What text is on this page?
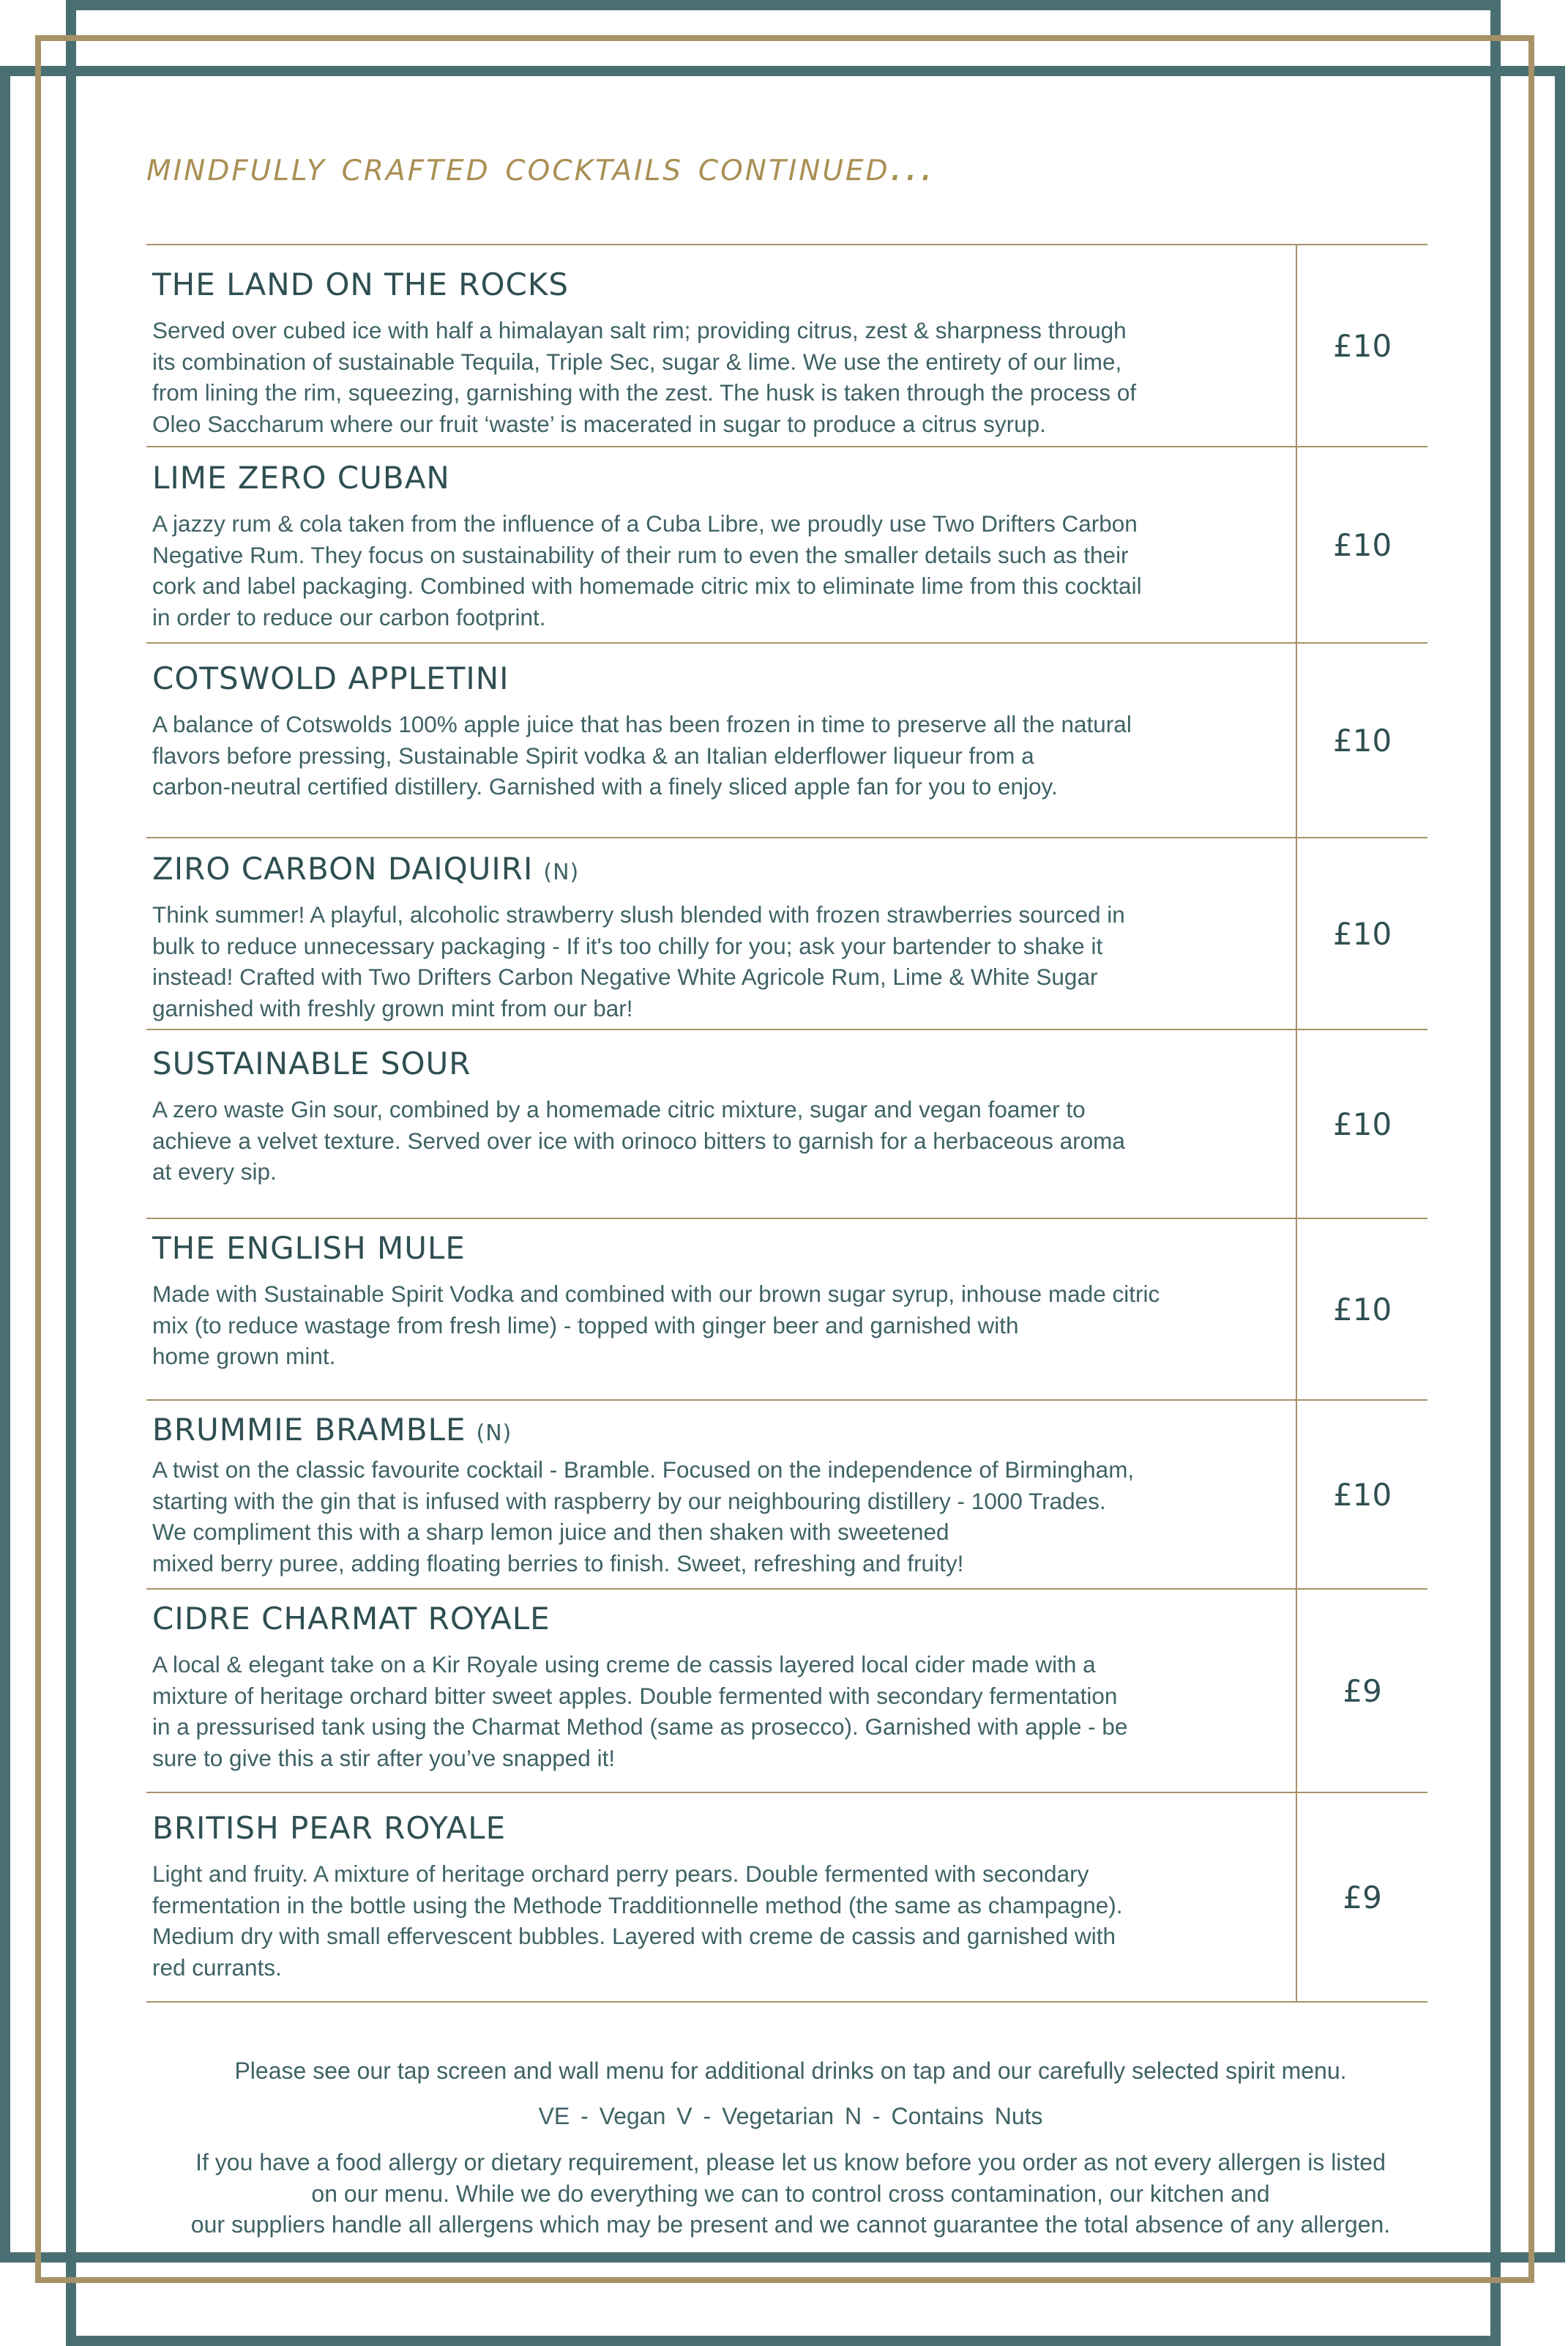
mindfully crafted cocktails continued...
THE LAND ON THE ROCKS
Served over cubed ice with half a himalayan salt rim; providing citrus, zest & sharpness through
its combination of sustainable Tequila, Triple Sec, sugar & lime. We use the entirety of our lime,
from lining the rim, squeezing, garnishing with the zest. The husk is taken through the process of
Oleo Saccharum where our fruit ‘waste’ is macerated in sugar to produce a citrus syrup.
£10
LIME ZERO CUBAN
A jazzy rum & cola taken from the influence of a Cuba Libre, we proudly use Two Drifters Carbon
Negative Rum. They focus on sustainability of their rum to even the smaller details such as their
cork and label packaging. Combined with homemade citric mix to eliminate lime from this cocktail
in order to reduce our carbon footprint.
£10
COTSWOLD APPLETINI
A balance of Cotswolds 100% apple juice that has been frozen in time to preserve all the natural
flavors before pressing, Sustainable Spirit vodka & an Italian elderflower liqueur from a
carbon-neutral certified distillery. Garnished with a finely sliced apple fan for you to enjoy.
£10
ZIRO CARBON DAIQUIRI (N)
Think summer! A playful, alcoholic strawberry slush blended with frozen strawberries sourced in
bulk to reduce unnecessary packaging - If it's too chilly for you; ask your bartender to shake it
instead! Crafted with Two Drifters Carbon Negative White Agricole Rum, Lime & White Sugar
garnished with freshly grown mint from our bar!
£10
SUSTAINABLE SOUR
A zero waste Gin sour, combined by a homemade citric mixture, sugar and vegan foamer to
achieve a velvet texture. Served over ice with orinoco bitters to garnish for a herbaceous aroma
at every sip.
£10
THE ENGLISH MULE
Made with Sustainable Spirit Vodka and combined with our brown sugar syrup, inhouse made citric
mix (to reduce wastage from fresh lime) - topped with ginger beer and garnished with
home grown mint.
£10
BRUMMIE BRAMBLE (N)
A twist on the classic favourite cocktail - Bramble. Focused on the independence of Birmingham,
starting with the gin that is infused with raspberry by our neighbouring distillery - 1000 Trades.
We compliment this with a sharp lemon juice and then shaken with sweetened
mixed berry puree, adding floating berries to finish. Sweet, refreshing and fruity!
£10
CIDRE CHARMAT ROYALE
A local & elegant take on a Kir Royale using creme de cassis layered local cider made with a
mixture of heritage orchard bitter sweet apples. Double fermented with secondary fermentation
in a pressurised tank using the Charmat Method (same as prosecco). Garnished with apple - be
sure to give this a stir after you’ve snapped it!
£9
BRITISH PEAR ROYALE
Light and fruity. A mixture of heritage orchard perry pears. Double fermented with secondary
fermentation in the bottle using the Methode Tradditionnelle method (the same as champagne).
Medium dry with small effervescent bubbles. Layered with creme de cassis and garnished with
red currants.
£9
Please see our tap screen and wall menu for additional drinks on tap and our carefully selected spirit menu.
VE - Vegan V - Vegetarian N - Contains Nuts
If you have a food allergy or dietary requirement, please let us know before you order as not every allergen is listed
on our menu. While we do everything we can to control cross contamination, our kitchen and
our suppliers handle all allergens which may be present and we cannot guarantee the total absence of any allergen.
